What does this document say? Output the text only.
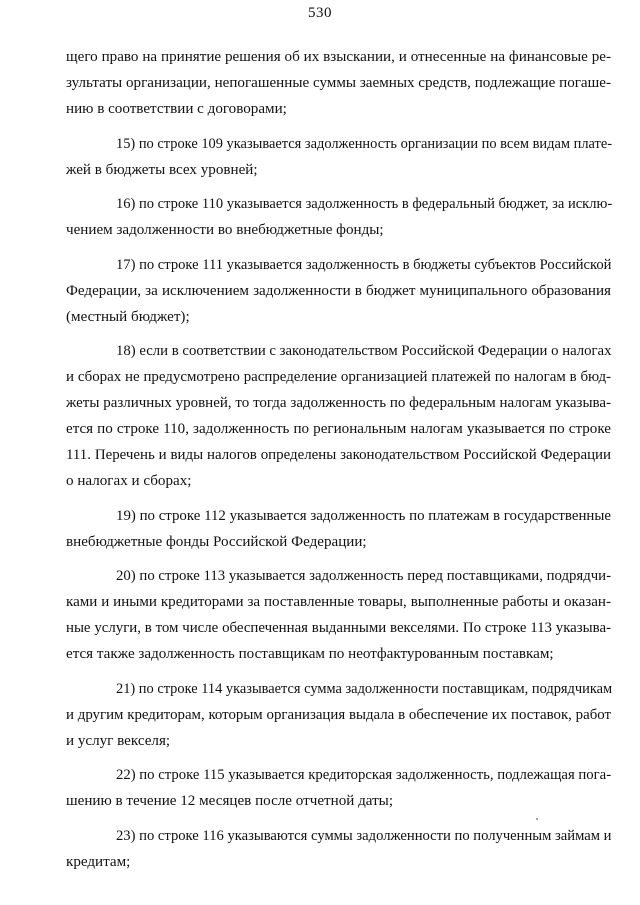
530

щего право на принятие решения об их взыскании, и отнесенные на финансовые ре-
зультаты организации, непогашенные суммы заемных средств, подлежащие погаше-
нию в соответствии с договорами;

15) по строке 109 указывается задолженность организации по всем видам плате-
жей в бюджеты всех уровней;

16) по строке 110 указывается задолженность в федеральный бюджет, за исклю-
чением задолженности во внебюджетные фонды;

17) по строке 111 указывается задолженность в бюджеты субъектов Российской
Федерации, за исключением задолженности в бюджет муниципального образования
(местный бюджет);

18) если в соответствии с законодательством Российской Федерации о налогах
и сборах не предусмотрено распределение организацией платежей по налогам в бюд-
жеты различных уровней, то тогда задолженность по федеральным налогам указыва-
ется по строке 110, задолженность по региональным налогам указывается по строке
111. Перечень и виды налогов определены законодательством Российской Федерации
о налогах и сборах;

19) по строке 112 указывается задолженность по платежам в государственные
внебюджетные фонды Российской Федерации;

20) по строке 113 указывается задолженность перед поставщиками, подрядчи-
ками и иными кредиторами за поставленные товары, выполненные работы и оказан-
ные услуги, в том числе обеспеченная выданными векселями. По строке 113 указыва-
ется также задолженность поставщикам по неотфактурованным поставкам;

21) по строке 114 указывается сумма задолженности поставщикам, подрядчикам
и другим кредиторам, которым организация выдала в обеспечение их поставок, работ
и услуг векселя;

22) по строке 115 указывается кредиторская задолженность, подлежащая пога-
шению в течение 12 месяцев после отчетной даты;

23) по строке 116 указываются суммы задолженности по полученным займам и
кредитам;
